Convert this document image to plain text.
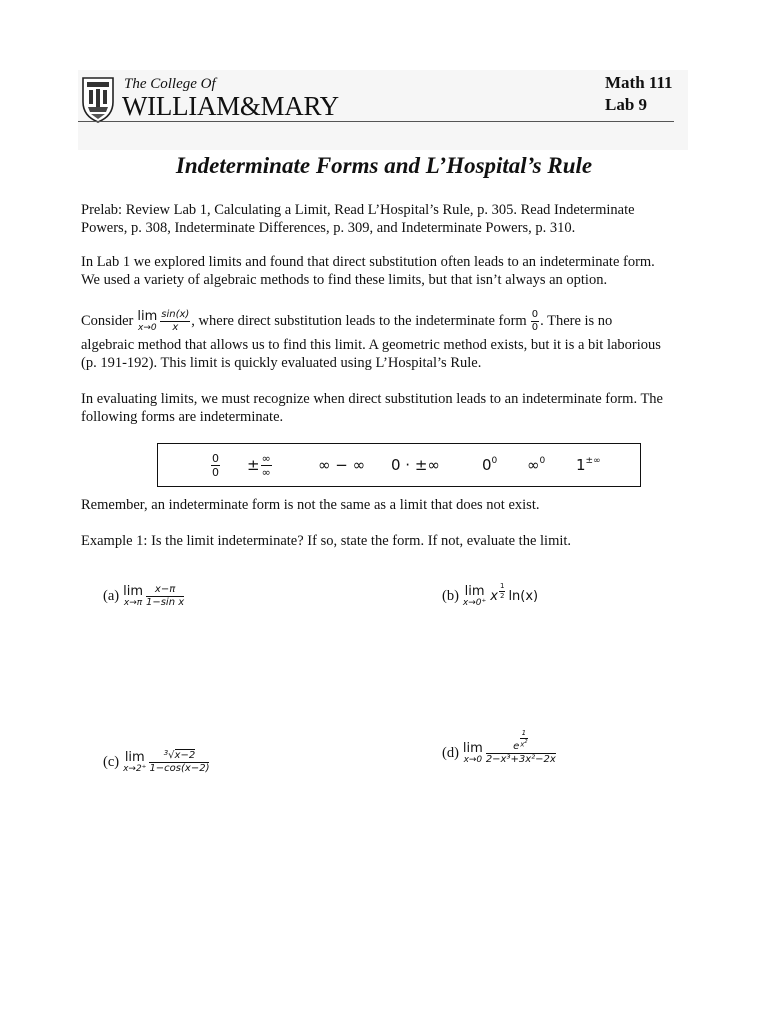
The College Of
WILLIAM&MARY
Math 111
Lab 9
Indeterminate Forms and L’Hospital’s Rule
Prelab: Review Lab 1, Calculating a Limit, Read L’Hospital’s Rule, p. 305. Read Indeterminate
Powers, p. 308, Indeterminate Differences, p. 309, and Indeterminate Powers, p. 310.
In Lab 1 we explored limits and found that direct substitution often leads to an indeterminate form.
We used a variety of algebraic methods to find these limits, but that isn’t always an option.
Consider lim
$x\to 0 \frac{\sin(x)}{x}$ , where direct substitution leads to the indeterminate form $\frac{0}{0}$ . There is no
algebraic method that allows us to find this limit. A geometric method exists, but it is a bit laborious
(p. 191-192). This limit is quickly evaluated using L’Hospital’s Rule.
In evaluating limits, we must recognize when direct substitution leads to an indeterminate form. The
following forms are indeterminate.
$\frac{0}{0} \pm \frac{\infty}{\infty}$	∞ − ∞ 0 · ±∞	$0^0$ ∞$^0$ 1±∞
Remember, an indeterminate form is not the same as a limit that does not exist.
Example 1: Is the limit indeterminate? If so, state the form. If not, evaluate the limit.
(a) lim
$x\to\pi \frac{x-\pi}{\text{1−sin x}}$	(b) lim
x→0⁺ x $\frac{1}{2} \ln(x)$
(c) lim
$x\to 2^+ \frac{^3√x-2}{1-\cos(x-2)}$	(d) lim
$x\to 0 \frac{e \frac{1}{x^2}}{\text{2−x³+3x²−2x}}$
